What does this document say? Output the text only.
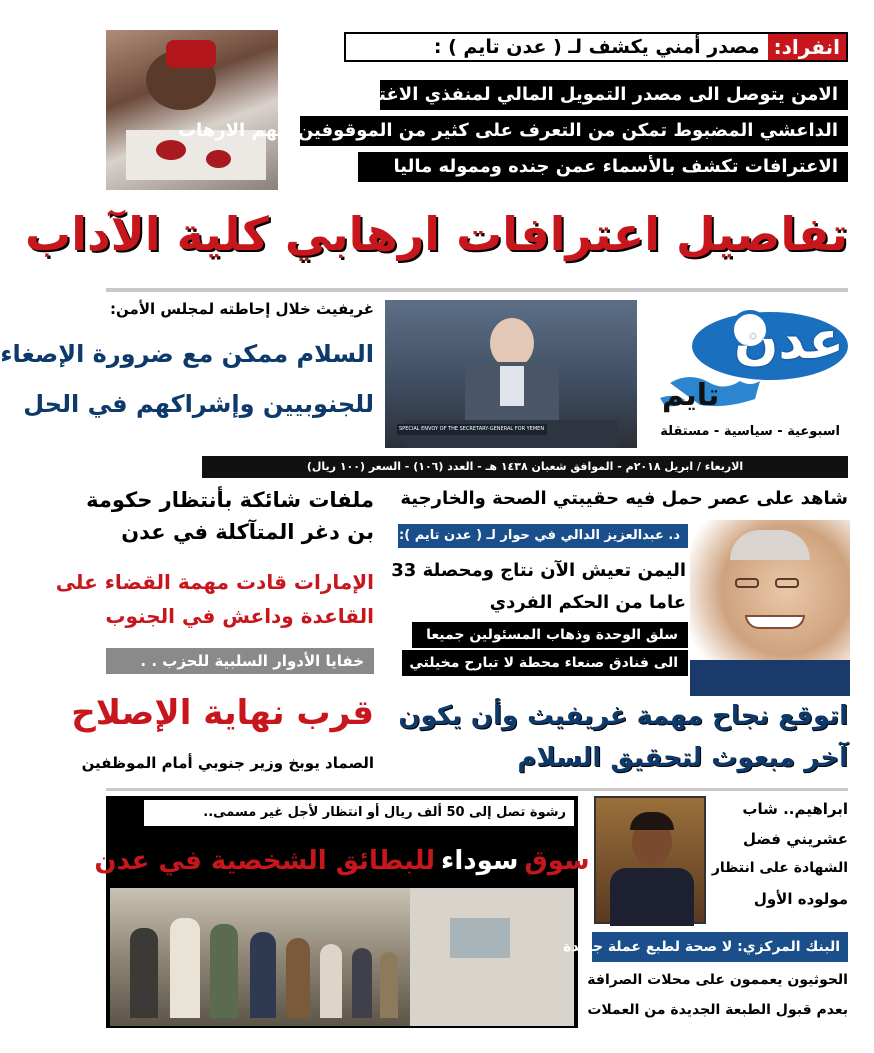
انفراد:
مصدر أمني يكشف لـ ( عدن تايم ) :
الامن يتوصل الى مصدر التمويل المالي لمنفذي الاغتيالات بعدن
الداعشي المضبوط تمكن من التعرف على كثير من الموقوفين بتهم الارهاب
الاعترافات تكشف بالأسماء عمن جنده ومموله ماليا
تفاصيل اعترافات ارهابي كلية الآداب
غريفيث خلال إحاطته لمجلس الأمن:
السلام ممكن مع ضرورة الإصغاء
للجنوبيين وإشراكهم في الحل
SPECIAL ENVOY OF THE SECRETARY-GENERAL FOR YEMEN
عدن
تايم
اسبوعية - سياسية - مستقلة
الاربعاء / ابريل ٢٠١٨م - الموافق شعبان ١٤٣٨ هـ - العدد (١٠٦) - السعر (١٠٠ ريال)
ملفات شائكة بأنتظار حكومة
بن دغر المتآكلة في عدن
الإمارات قادت مهمة القضاء على
القاعدة وداعش في الجنوب
خفايا الأدوار السلبية للحزب . .
قرب نهاية الإصلاح
الصماد يوبخ وزير جنوبي أمام الموظفين
شاهد على عصر حمل فيه حقيبتي الصحة والخارجية
د. عبدالعزيز الدالي في حوار لـ ( عدن تايم ):
اليمن تعيش الآن نتاج ومحصلة 33
عاما من الحكم الفردي
سلق الوحدة وذهاب المسئولين جميعا
الى فنادق صنعاء محطة لا تبارح مخيلتي
اتوقع نجاح مهمة غريفيث وأن يكون
آخر مبعوث لتحقيق السلام
رشوة تصل إلى 50 ألف ريال أو انتظار لأجل غير مسمى..
سوق
سوداء
للبطائق الشخصية في عدن
ابراهيم.. شاب
عشريني فضل
الشهادة على انتظار
مولوده الأول
البنك المركزي: لا صحة لطبع عملة جديدة
الحوثيون يعممون على محلات الصرافة
بعدم قبول الطبعة الجديدة من العملات
